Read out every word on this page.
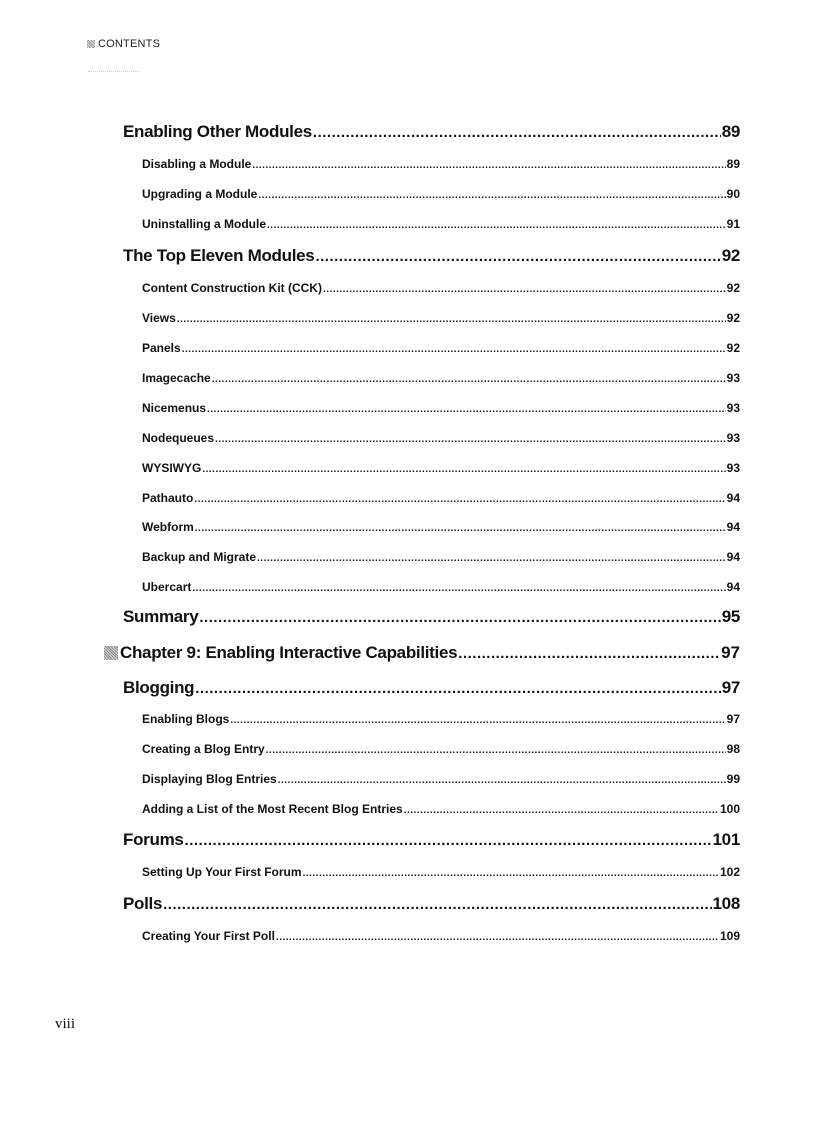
CONTENTS
Enabling Other Modules .....	89
Disabling a Module .....	89
Upgrading a Module .....	90
Uninstalling a Module .....	91
The Top Eleven Modules .....	92
Content Construction Kit (CCK) .....	92
Views .....	92
Panels .....	92
Imagecache .....	93
Nicemenus .....	93
Nodequeues .....	93
WYSIWYG .....	93
Pathauto .....	94
Webform .....	94
Backup and Migrate .....	94
Ubercart .....	94
Summary .....	95
Chapter 9: Enabling Interactive Capabilities .....	97
Blogging .....	97
Enabling Blogs .....	97
Creating a Blog Entry .....	98
Displaying Blog Entries .....	99
Adding a List of the Most Recent Blog Entries .....	100
Forums .....	101
Setting Up Your First Forum .....	102
Polls .....	108
Creating Your First Poll .....	109
viii
